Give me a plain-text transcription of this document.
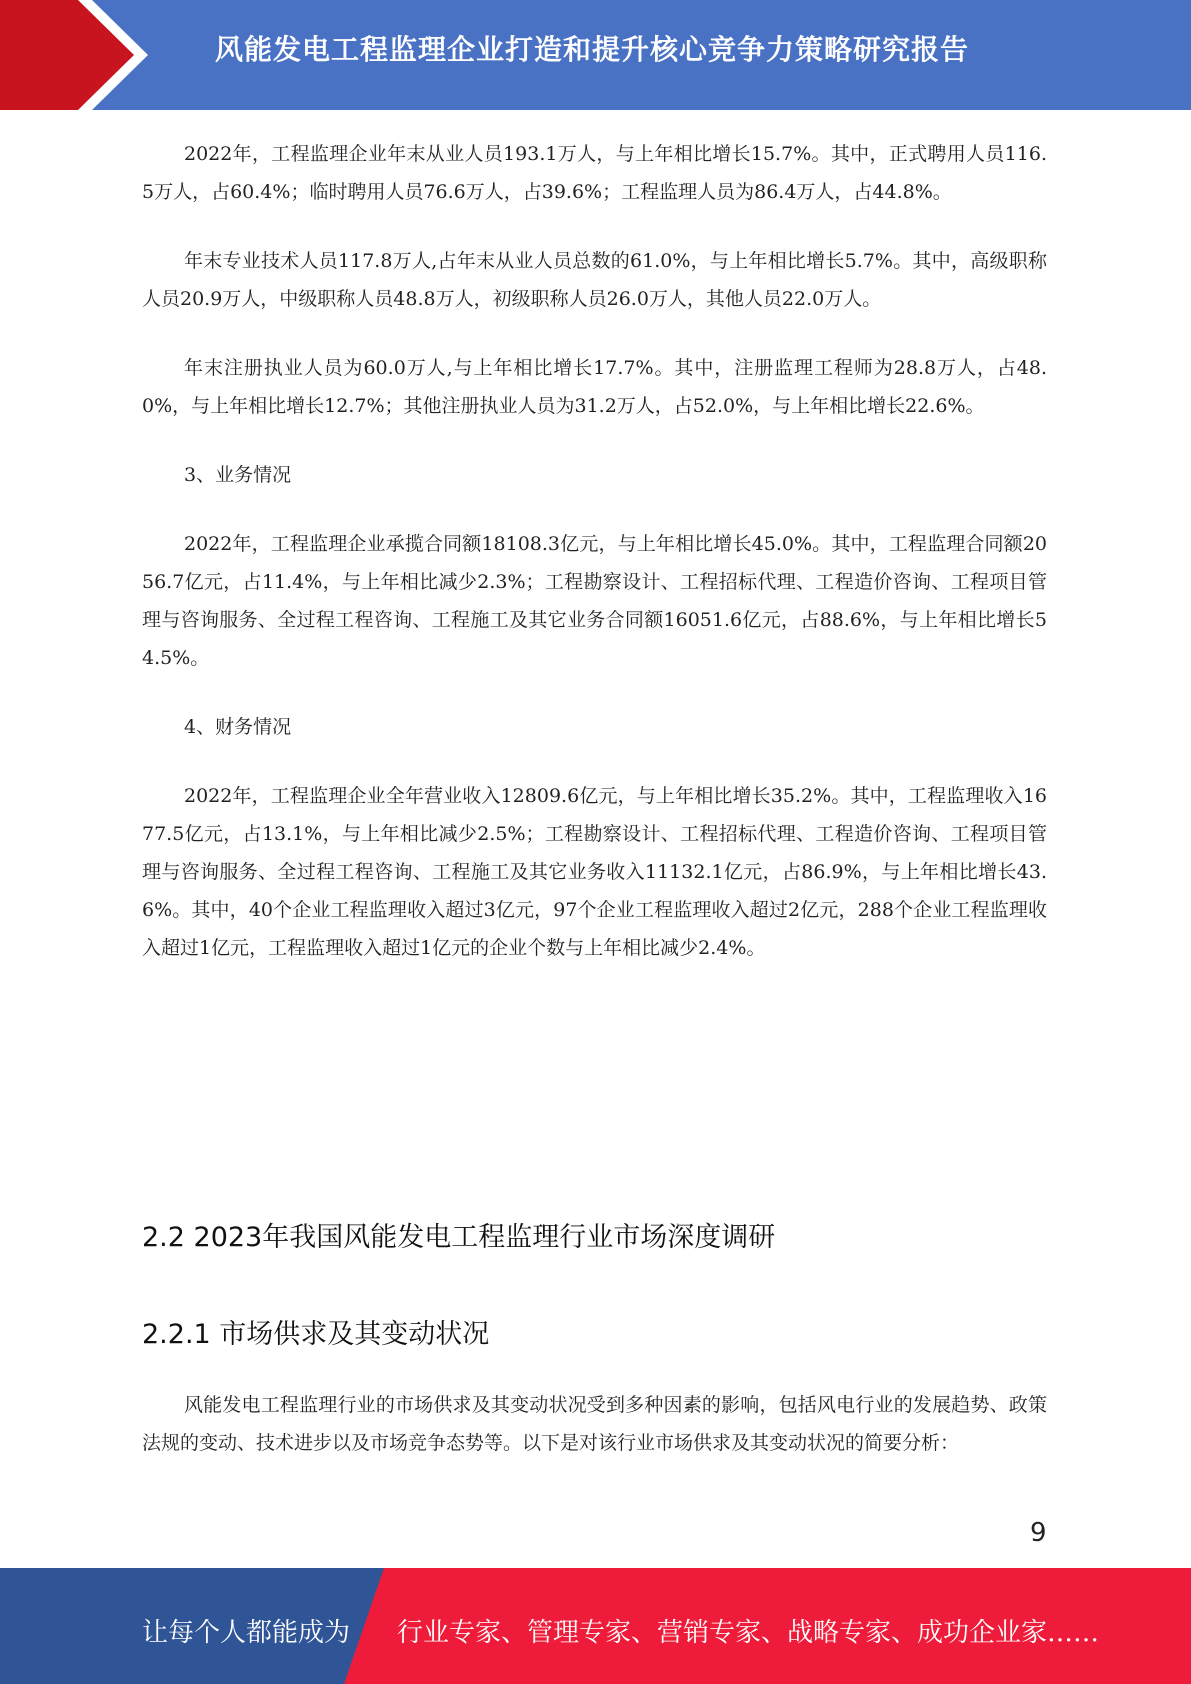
风能发电工程监理企业打造和提升核心竞争力策略研究报告

2022年，工程监理企业年末从业人员193.1万人，与上年相比增长15.7%。其中，正式聘用人员116.5万人，占60.4%；临时聘用人员76.6万人，占39.6%；工程监理人员为86.4万人，占44.8%。

年末专业技术人员117.8万人,占年末从业人员总数的61.0%，与上年相比增长5.7%。其中，高级职称人员20.9万人，中级职称人员48.8万人，初级职称人员26.0万人，其他人员22.0万人。

年末注册执业人员为60.0万人,与上年相比增长17.7%。其中，注册监理工程师为28.8万人，占48.0%，与上年相比增长12.7%；其他注册执业人员为31.2万人，占52.0%，与上年相比增长22.6%。

3、业务情况

2022年，工程监理企业承揽合同额18108.3亿元，与上年相比增长45.0%。其中，工程监理合同额2056.7亿元，占11.4%，与上年相比减少2.3%；工程勘察设计、工程招标代理、工程造价咨询、工程项目管理与咨询服务、全过程工程咨询、工程施工及其它业务合同额16051.6亿元，占88.6%，与上年相比增长54.5%。

4、财务情况

2022年，工程监理企业全年营业收入12809.6亿元，与上年相比增长35.2%。其中，工程监理收入1677.5亿元，占13.1%，与上年相比减少2.5%；工程勘察设计、工程招标代理、工程造价咨询、工程项目管理与咨询服务、全过程工程咨询、工程施工及其它业务收入11132.1亿元，占86.9%，与上年相比增长43.6%。其中，40个企业工程监理收入超过3亿元，97个企业工程监理收入超过2亿元，288个企业工程监理收入超过1亿元，工程监理收入超过1亿元的企业个数与上年相比减少2.4%。

2.2 2023年我国风能发电工程监理行业市场深度调研
2.2.1 市场供求及其变动状况

风能发电工程监理行业的市场供求及其变动状况受到多种因素的影响，包括风电行业的发展趋势、政策法规的变动、技术进步以及市场竞争态势等。以下是对该行业市场供求及其变动状况的简要分析：

9
让每个人都能成为 行业专家、管理专家、营销专家、战略专家、成功企业家……
